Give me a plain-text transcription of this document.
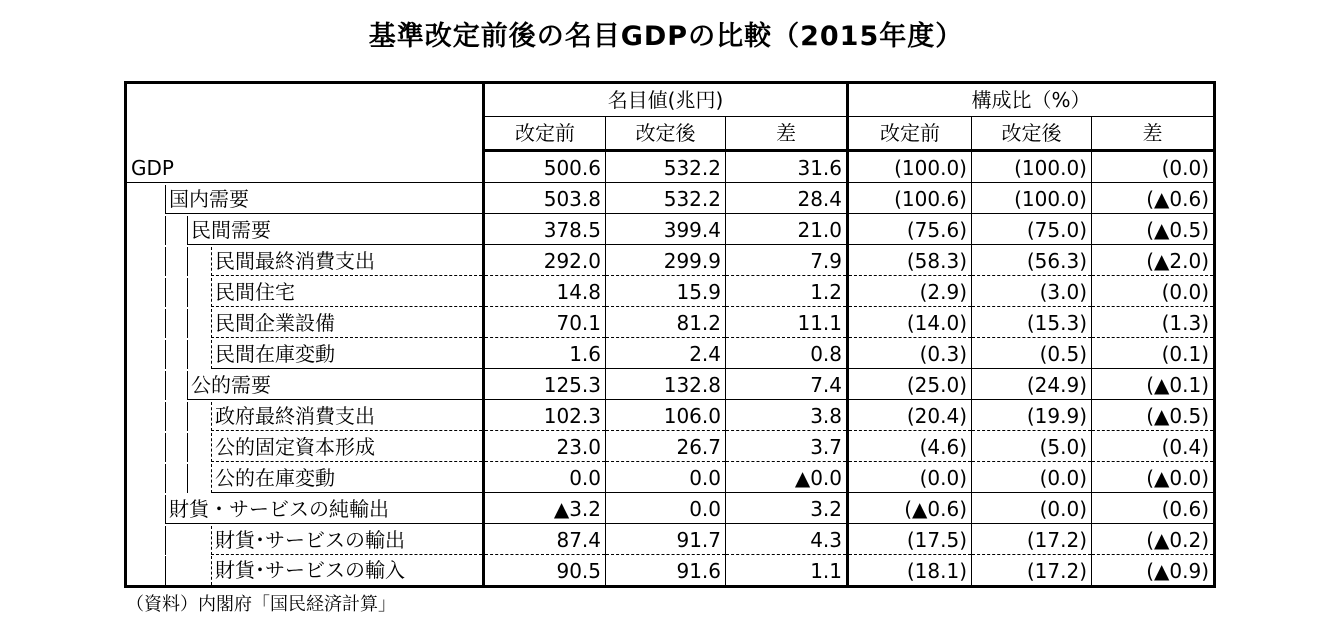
基準改定前後の名目GDPの比較（2015年度）
	名目値(兆円)			構成比（%）		
	改定前	改定後	差	改定前	改定後	差

GDP	500.6	532.2	31.6	(100.0)	(100.0)	(0.0)

国内需要	503.8	532.2	28.4	(100.6)	(100.0)	(▲0.6)

民間需要	378.5	399.4	21.0	(75.6)	(75.0)	(▲0.5)

民間最終消費支出	292.0	299.9	7.9	(58.3)	(56.3)	(▲2.0)

民間住宅	14.8	15.9	1.2	(2.9)	(3.0)	(0.0)

民間企業設備	70.1	81.2	11.1	(14.0)	(15.3)	(1.3)

民間在庫変動	1.6	2.4	0.8	(0.3)	(0.5)	(0.1)

公的需要	125.3	132.8	7.4	(25.0)	(24.9)	(▲0.1)

政府最終消費支出	102.3	106.0	3.8	(20.4)	(19.9)	(▲0.5)

公的固定資本形成	23.0	26.7	3.7	(4.6)	(5.0)	(0.4)

公的在庫変動	0.0	0.0	▲0.0	(0.0)	(0.0)	(▲0.0)

財貨・サービスの純輸出	▲3.2	0.0	3.2	(▲0.6)	(0.0)	(0.6)

財貨･サービスの輸出	87.4	91.7	4.3	(17.5)	(17.2)	(▲0.2)

財貨･サービスの輸入	90.5	91.6	1.1	(18.1)	(17.2)	(▲0.9)
（資料）内閣府「国民経済計算」
